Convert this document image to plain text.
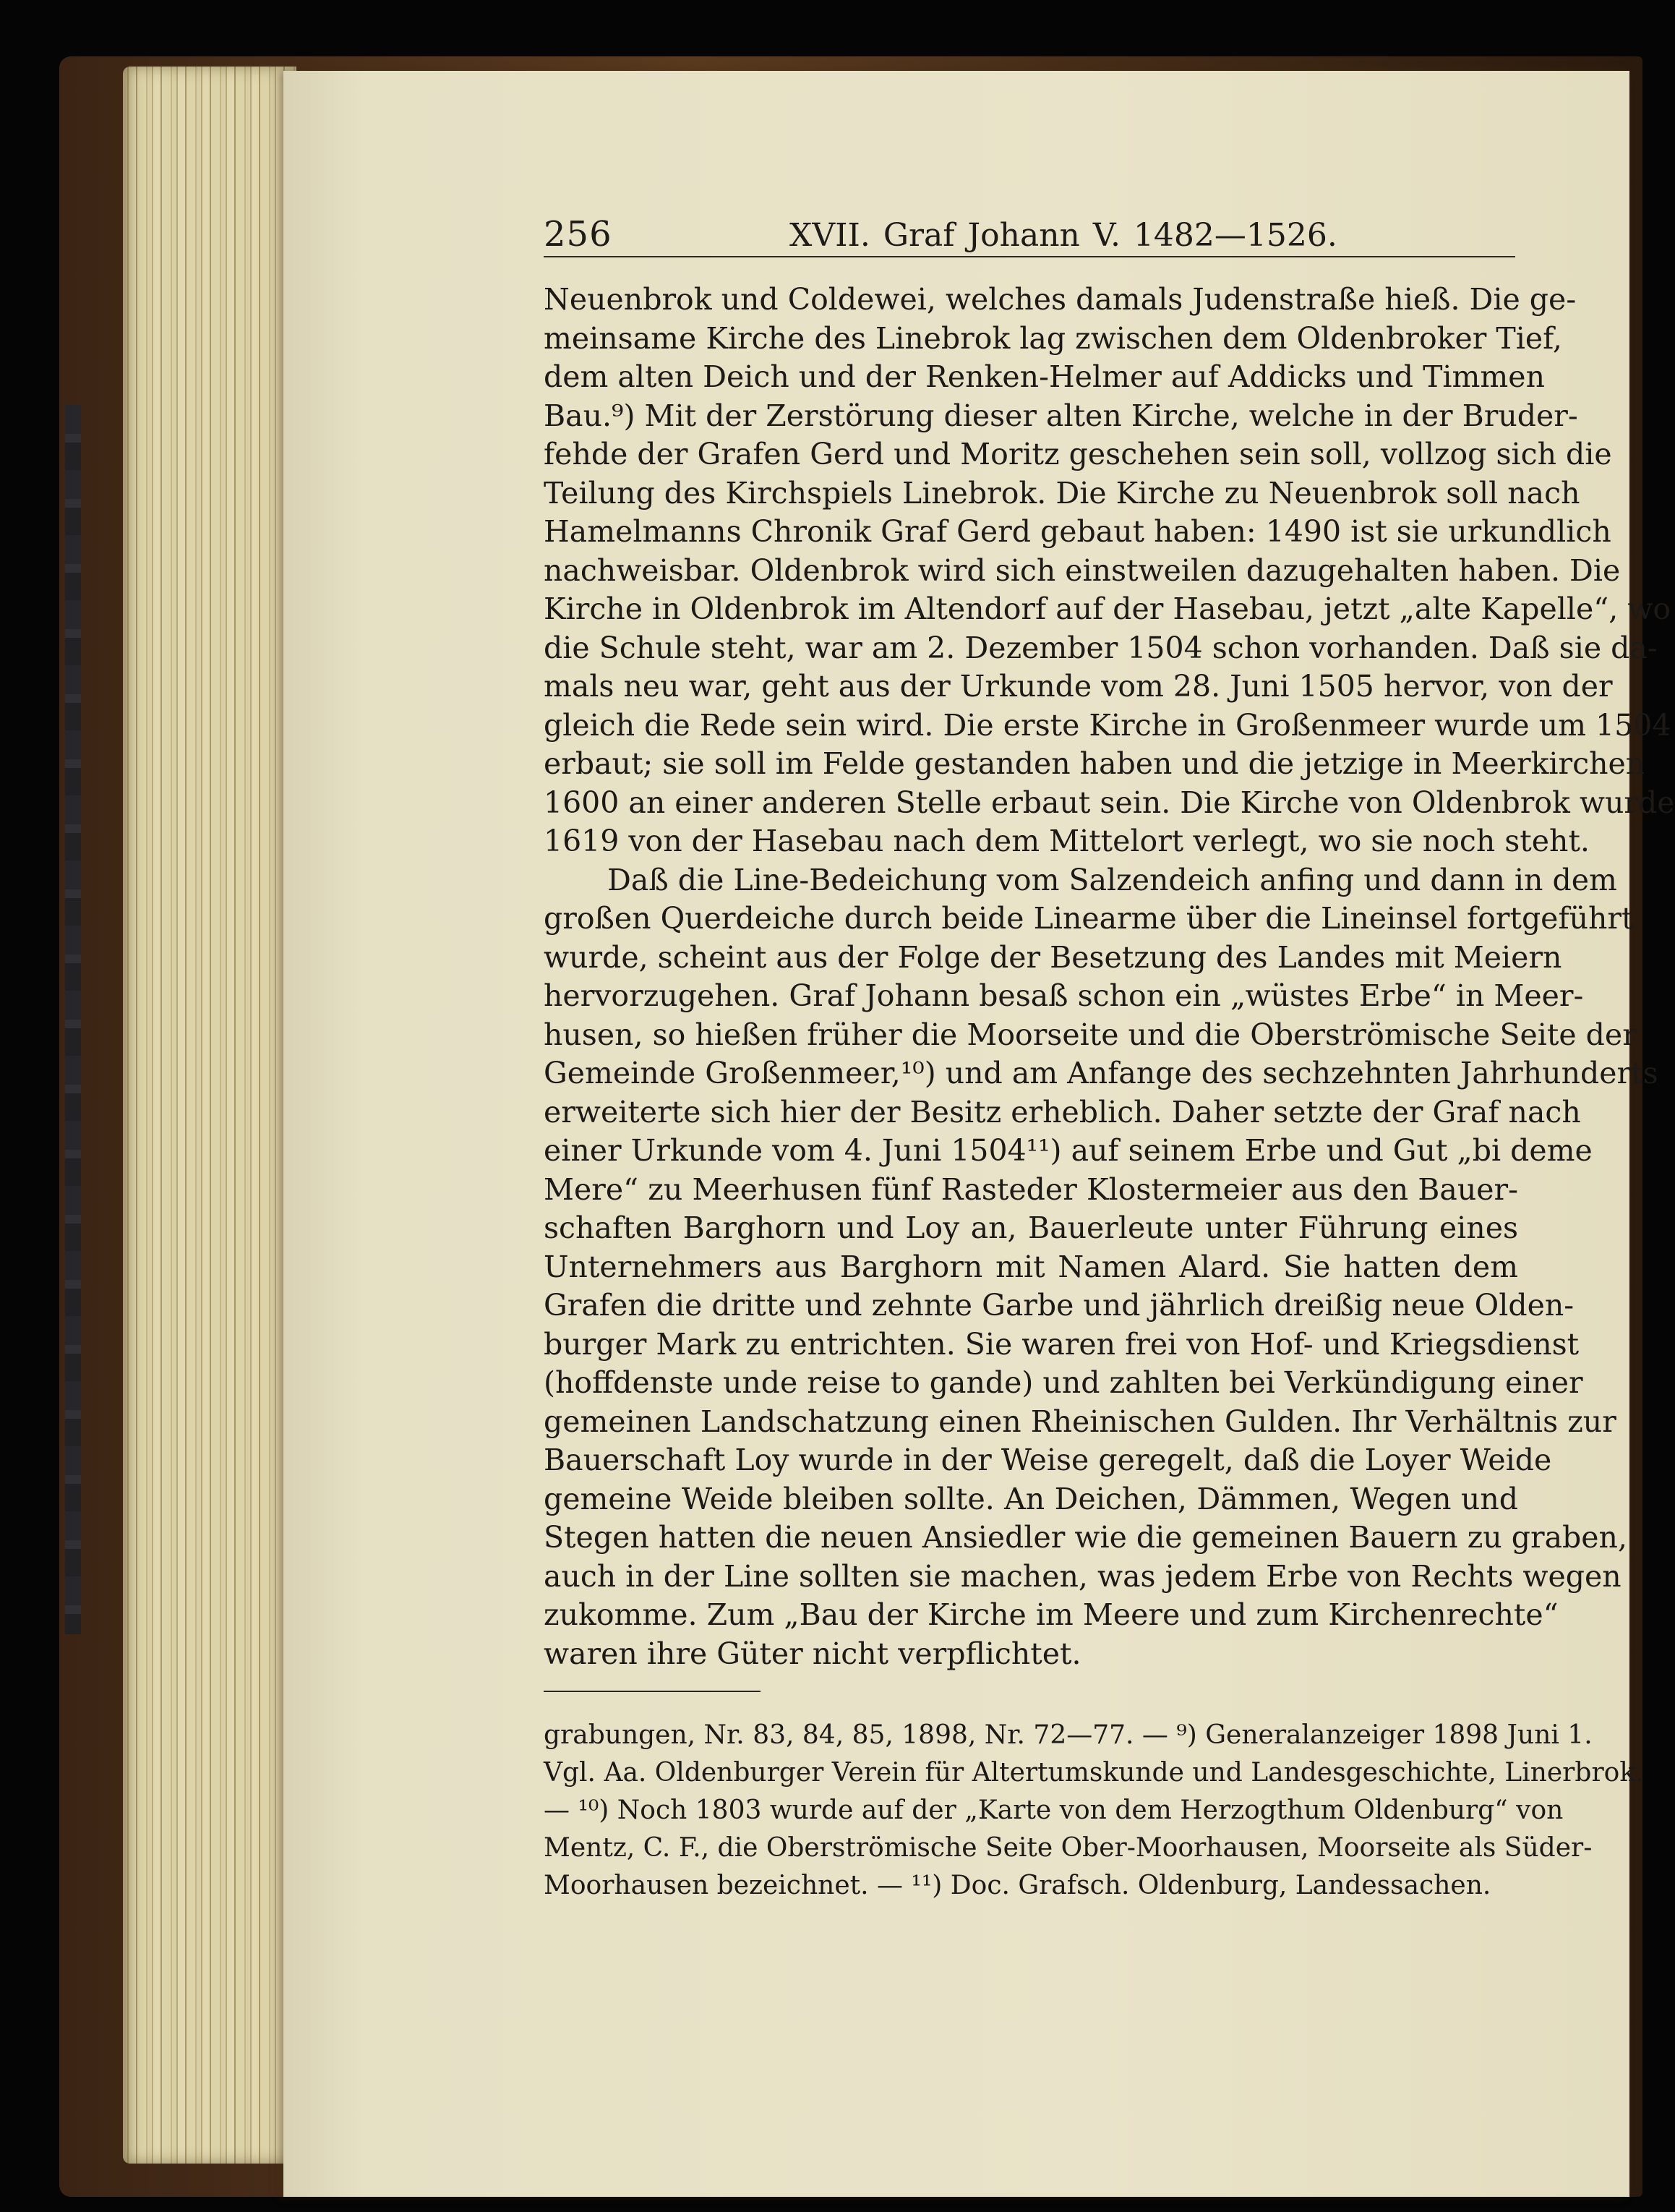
256	XVII. Graf Johann V. 1482—1526.
Neuenbrok und Coldewei, welches damals Judenstraße hieß. Die ge-
meinsame Kirche des Linebrok lag zwischen dem Oldenbroker Tief,
dem alten Deich und der Renken-Helmer auf Addicks und Timmen
Bau.⁹) Mit der Zerstörung dieser alten Kirche, welche in der Bruder-
fehde der Grafen Gerd und Moritz geschehen sein soll, vollzog sich die
Teilung des Kirchspiels Linebrok. Die Kirche zu Neuenbrok soll nach
Hamelmanns Chronik Graf Gerd gebaut haben: 1490 ist sie urkundlich
nachweisbar. Oldenbrok wird sich einstweilen dazugehalten haben. Die
Kirche in Oldenbrok im Altendorf auf der Hasebau, jetzt „alte Kapelle“, wo
die Schule steht, war am 2. Dezember 1504 schon vorhanden. Daß sie da-
mals neu war, geht aus der Urkunde vom 28. Juni 1505 hervor, von der
gleich die Rede sein wird. Die erste Kirche in Großenmeer wurde um 1504
erbaut; sie soll im Felde gestanden haben und die jetzige in Meerkirchen
1600 an einer anderen Stelle erbaut sein. Die Kirche von Oldenbrok wurde
1619 von der Hasebau nach dem Mittelort verlegt, wo sie noch steht.
Daß die Line-Bedeichung vom Salzendeich anfing und dann in dem
großen Querdeiche durch beide Linearme über die Lineinsel fortgeführt
wurde, scheint aus der Folge der Besetzung des Landes mit Meiern
hervorzugehen. Graf Johann besaß schon ein „wüstes Erbe“ in Meer-
husen, so hießen früher die Moorseite und die Oberströmische Seite der
Gemeinde Großenmeer,¹⁰) und am Anfange des sechzehnten Jahrhunderts
erweiterte sich hier der Besitz erheblich. Daher setzte der Graf nach
einer Urkunde vom 4. Juni 1504¹¹) auf seinem Erbe und Gut „bi deme
Mere“ zu Meerhusen fünf Rasteder Klostermeier aus den Bauer-
schaften Barghorn und Loy an, Bauerleute unter Führung eines
Unternehmers aus Barghorn mit Namen Alard. Sie hatten dem
Grafen die dritte und zehnte Garbe und jährlich dreißig neue Olden-
burger Mark zu entrichten. Sie waren frei von Hof- und Kriegsdienst
(hoffdenste unde reise to gande) und zahlten bei Verkündigung einer
gemeinen Landschatzung einen Rheinischen Gulden. Ihr Verhältnis zur
Bauerschaft Loy wurde in der Weise geregelt, daß die Loyer Weide
gemeine Weide bleiben sollte. An Deichen, Dämmen, Wegen und
Stegen hatten die neuen Ansiedler wie die gemeinen Bauern zu graben,
auch in der Line sollten sie machen, was jedem Erbe von Rechts wegen
zukomme. Zum „Bau der Kirche im Meere und zum Kirchenrechte“
waren ihre Güter nicht verpflichtet.
grabungen, Nr. 83, 84, 85, 1898, Nr. 72—77. — ⁹) Generalanzeiger 1898 Juni 1.
Vgl. Aa. Oldenburger Verein für Altertumskunde und Landesgeschichte, Linerbrok.
— ¹⁰) Noch 1803 wurde auf der „Karte von dem Herzogthum Oldenburg“ von
Mentz, C. F., die Oberströmische Seite Ober-Moorhausen, Moorseite als Süder-
Moorhausen bezeichnet. — ¹¹) Doc. Grafsch. Oldenburg, Landessachen.
